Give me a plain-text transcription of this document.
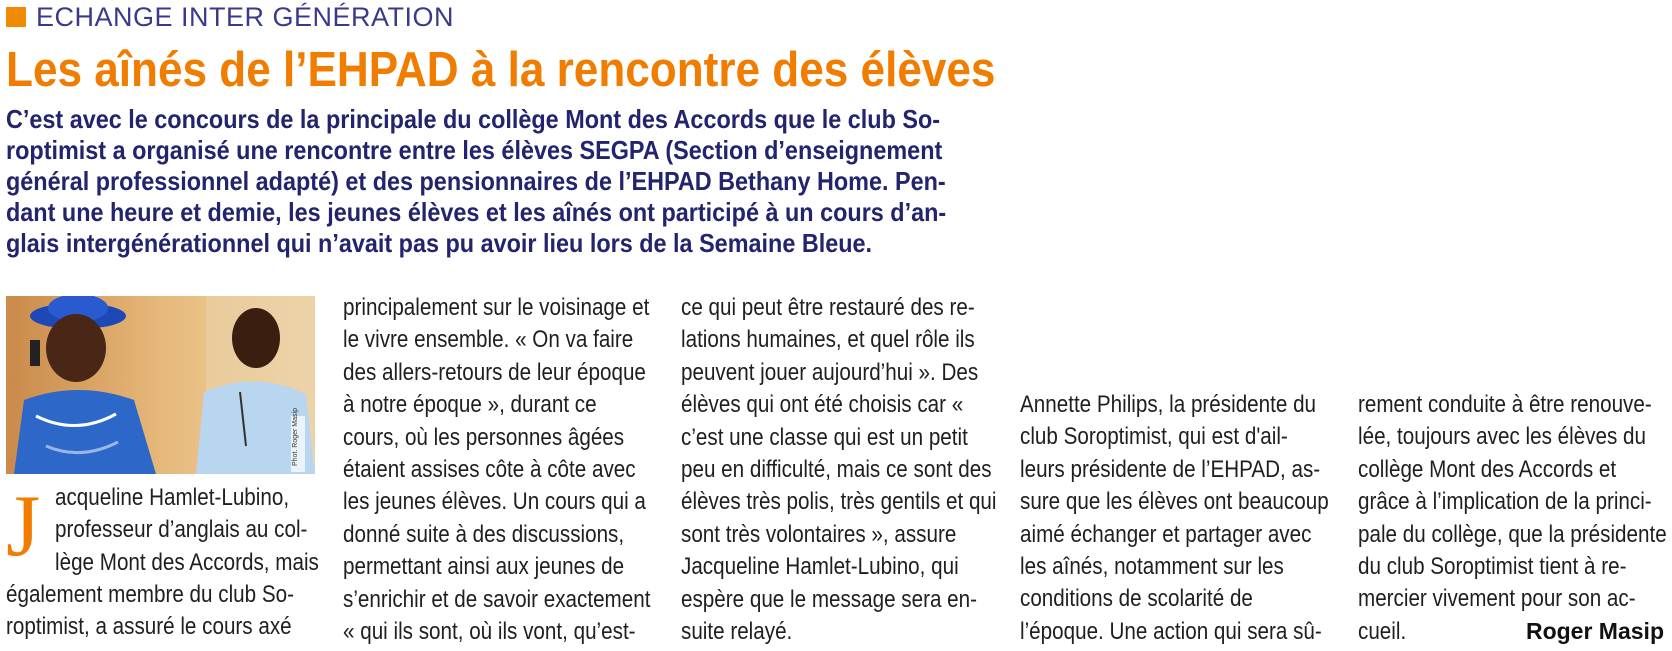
ECHANGE INTER GÉNÉRATION
Les aînés de l’EHPAD à la rencontre des élèves
C’est avec le concours de la principale du collège Mont des Accords que le club So-
roptimist a organisé une rencontre entre les élèves SEGPA (Section d’enseignement
général professionnel adapté) et des pensionnaires de l’EHPAD Bethany Home. Pen-
dant une heure et demie, les jeunes élèves et les aînés ont participé à un cours d’an-
glais intergénérationnel qui n’avait pas pu avoir lieu lors de la Semaine Bleue.
Phot. Roger Masip
J acqueline Hamlet-Lubino,
professeur d’anglais au col-
lège Mont des Accords, mais
également membre du club So-
roptimist, a assuré le cours axé
principalement sur le voisinage et
le vivre ensemble. « On va faire
des allers-retours de leur époque
à notre époque », durant ce
cours, où les personnes âgées
étaient assises côte à côte avec
les jeunes élèves. Un cours qui a
donné suite à des discussions,
permettant ainsi aux jeunes de
s’enrichir et de savoir exactement
« qui ils sont, où ils vont, qu’est-
ce qui peut être restauré des re-
lations humaines, et quel rôle ils
peuvent jouer aujourd’hui ». Des
élèves qui ont été choisis car «
c’est une classe qui est un petit
peu en difficulté, mais ce sont des
élèves très polis, très gentils et qui
sont très volontaires », assure
Jacqueline Hamlet-Lubino, qui
espère que le message sera en-
suite relayé.
Annette Philips, la présidente du
club Soroptimist, qui est d'ail-
leurs présidente de l’EHPAD, as-
sure que les élèves ont beaucoup
aimé échanger et partager avec
les aînés, notamment sur les
conditions de scolarité de
l’époque. Une action qui sera sû-
rement conduite à être renouve-
lée, toujours avec les élèves du
collège Mont des Accords et
grâce à l’implication de la princi-
pale du collège, que la présidente
du club Soroptimist tient à re-
mercier vivement pour son ac-
cueil.	Roger Masip
